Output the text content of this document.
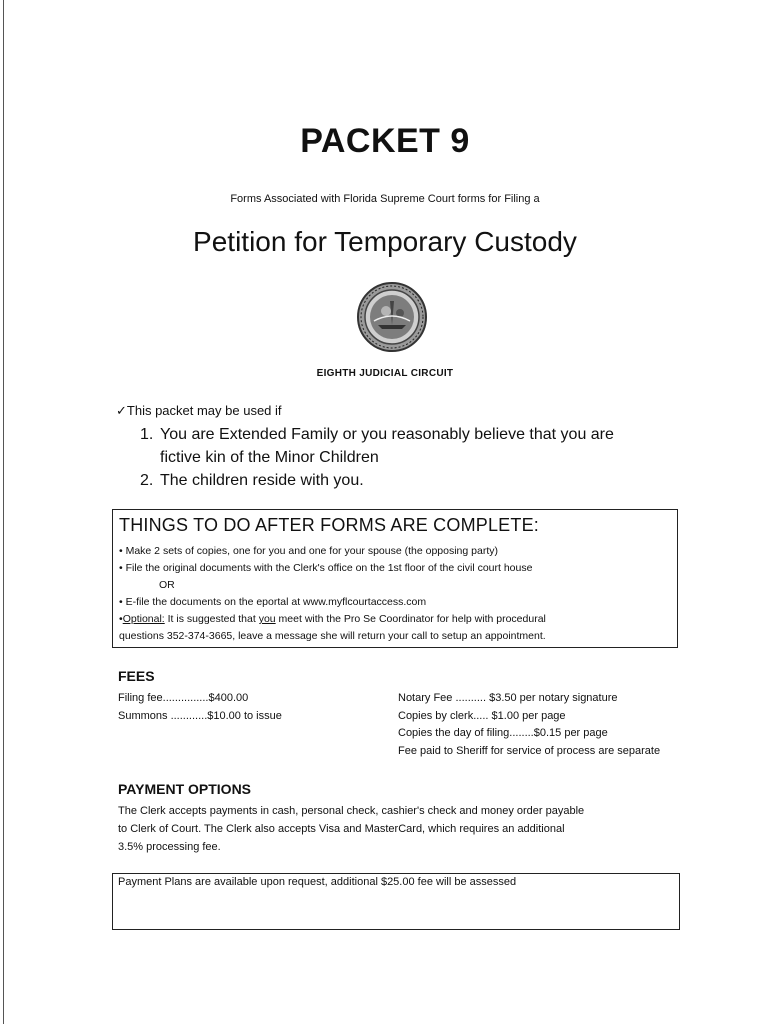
PACKET 9
Forms Associated with Florida Supreme Court forms for Filing a
Petition for Temporary Custody
EIGHTH JUDICIAL CIRCUIT
✓This packet may be used if
1. You are Extended Family or you reasonably believe that you are
fictive kin of the Minor Children
2. The children reside with you.
THINGS TO DO AFTER FORMS ARE COMPLETE:
• Make 2 sets of copies, one for you and one for your spouse (the opposing party)
• File the original documents with the Clerk's office on the 1st floor of the civil court house
OR
• E-file the documents on the eportal at www.myflcourtaccess.com
•Optional: It is suggested that you meet with the Pro Se Coordinator for help with procedural
questions 352-374-3665, leave a message she will return your call to setup an appointment.
FEES
Filing fee...............$400.00
Summons ............$10.00 to issue
Notary Fee .......... $3.50 per notary signature
Copies by clerk..... $1.00 per page
Copies the day of filing........$0.15 per page
Fee paid to Sheriff for service of process are separate
PAYMENT OPTIONS
The Clerk accepts payments in cash, personal check, cashier's check and money order payable
to Clerk of Court. The Clerk also accepts Visa and MasterCard, which requires an additional
3.5% processing fee.
Payment Plans are available upon request, additional $25.00 fee will be assessed
